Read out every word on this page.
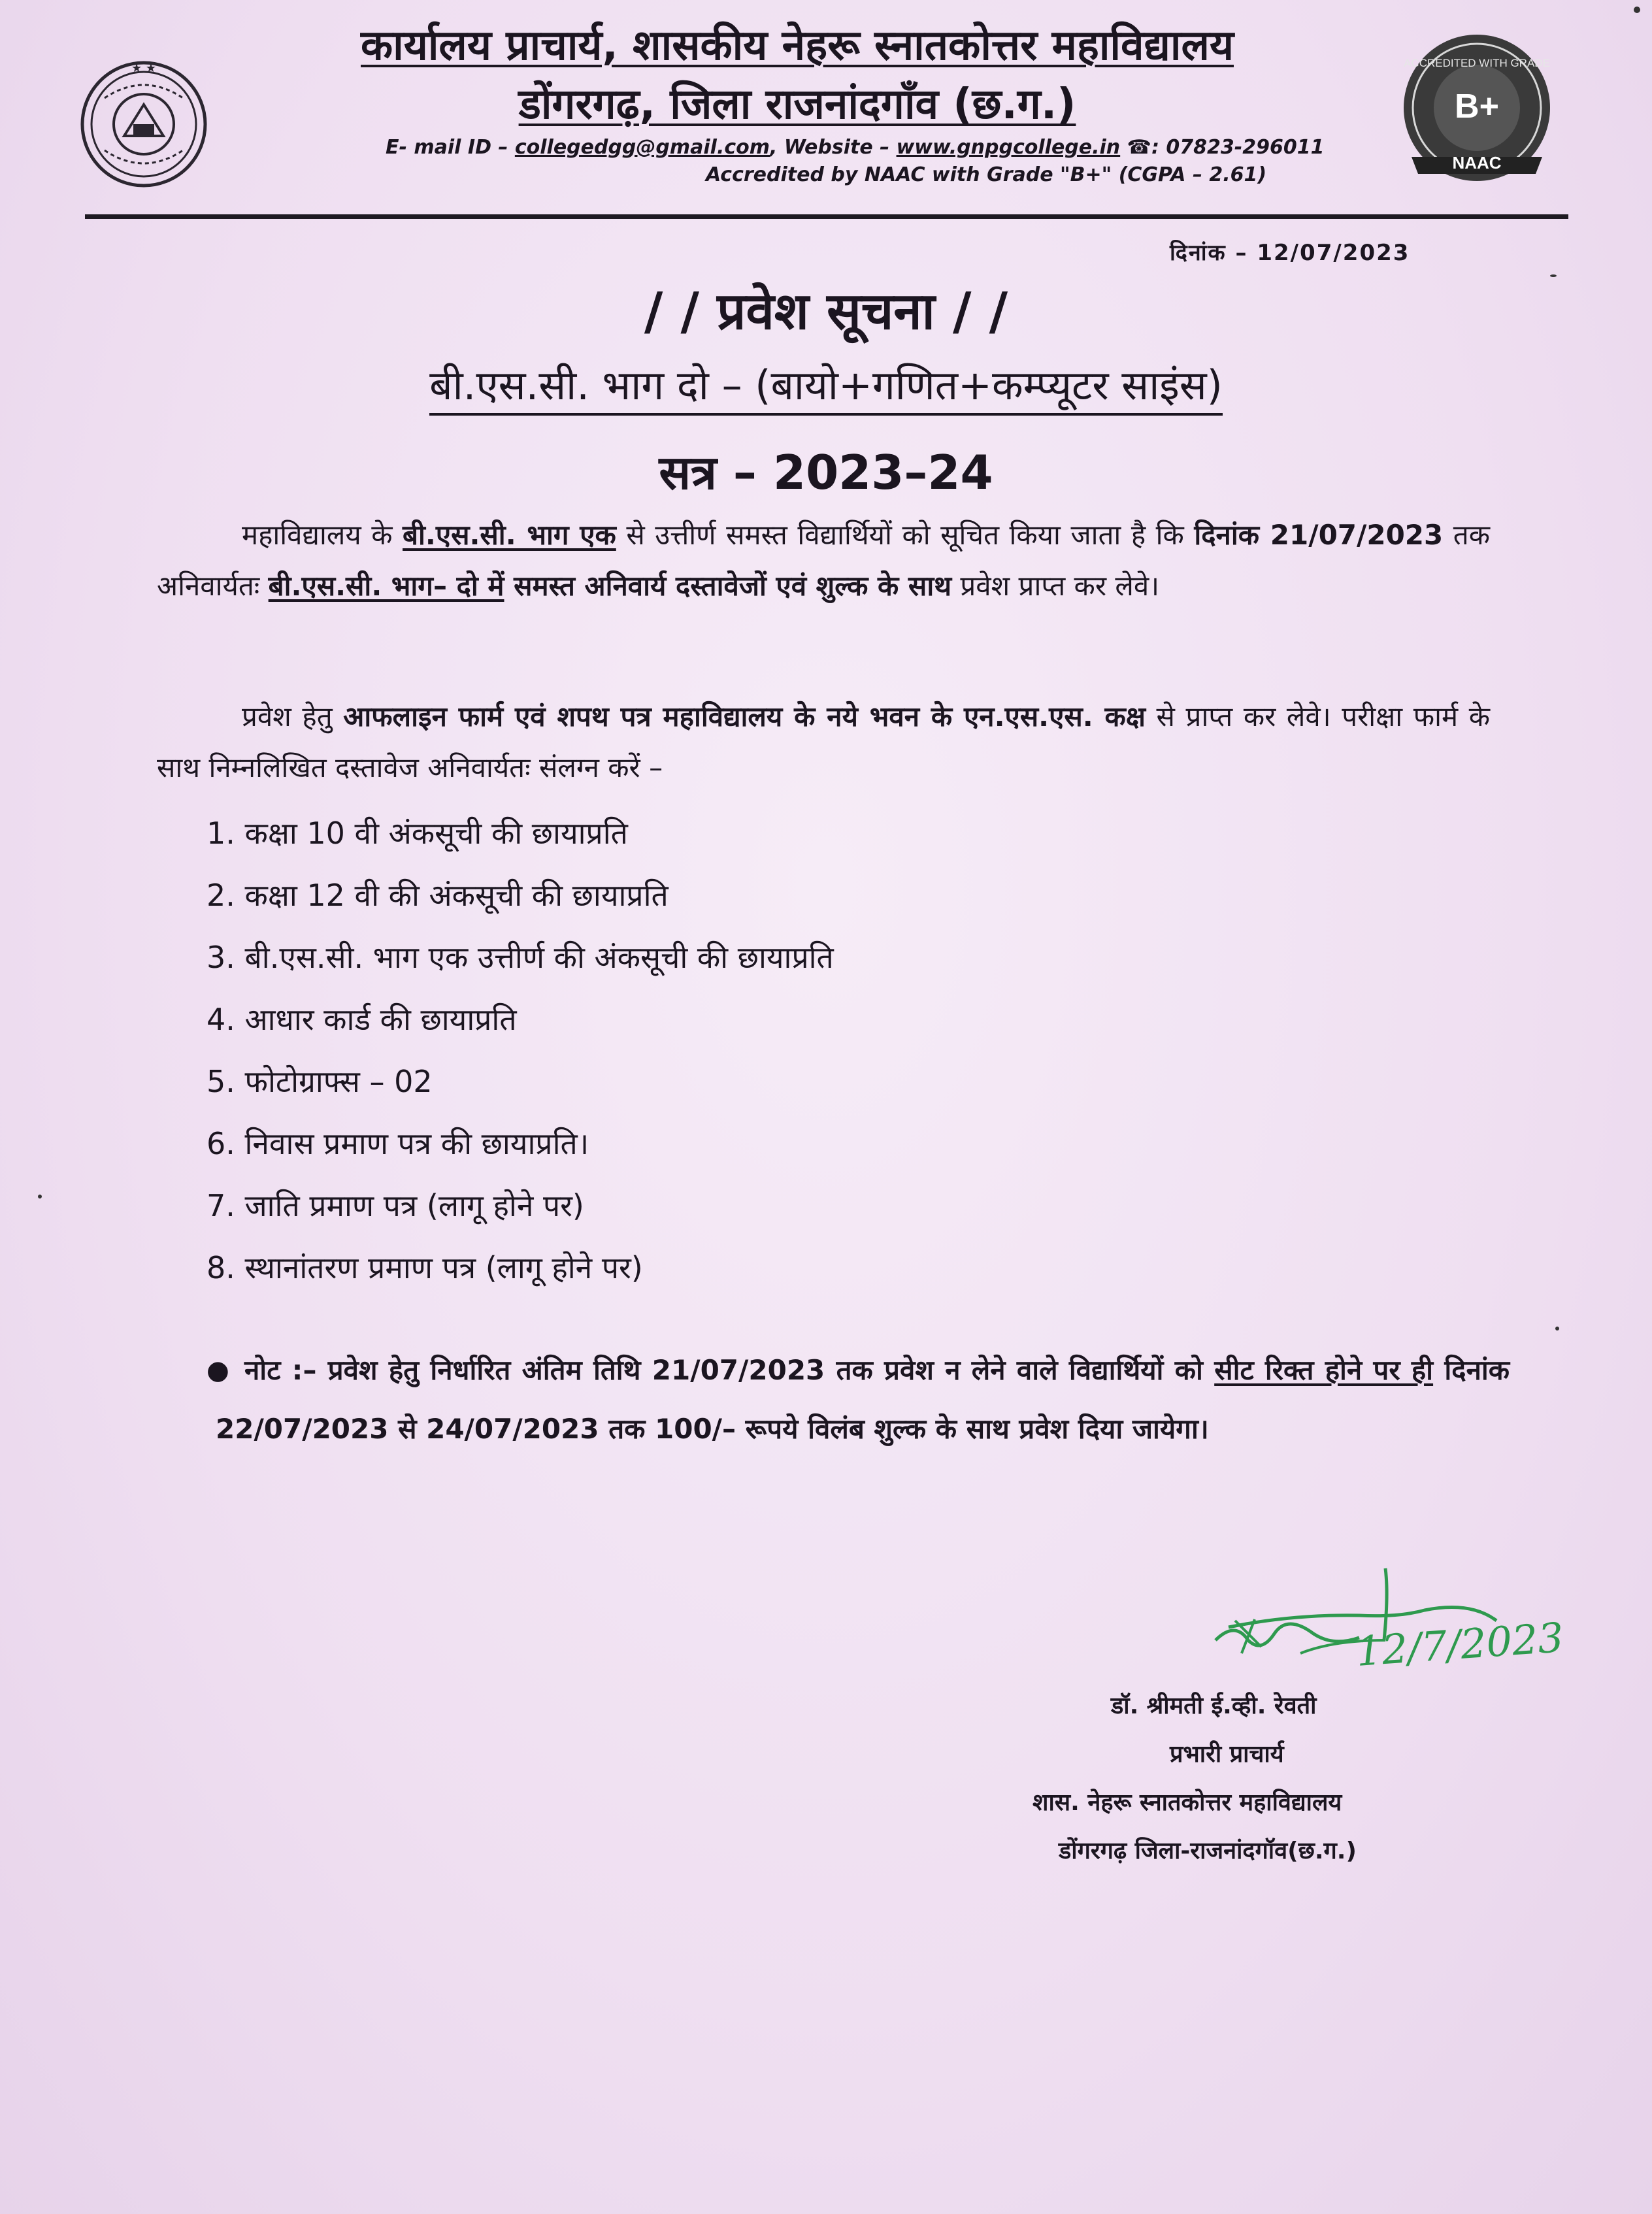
★ ★	ACCREDITED WITH GRADE
B+
NAAC
कार्यालय प्राचार्य, शासकीय नेहरू स्नातकोत्तर महाविद्यालय
डोंगरगढ़, जिला राजनांदगाँव (छ.ग.)
E- mail ID – collegedgg@gmail.com, Website – www.gnpgcollege.in ☎: 07823-296011
Accredited by NAAC with Grade "B+" (CGPA – 2.61)
दिनांक – 12/07/2023
/ / प्रवेश सूचना / /
बी.एस.सी. भाग दो – (बायो+गणित+कम्प्यूटर साइंस)
सत्र – 2023–24
महाविद्यालय के बी.एस.सी. भाग एक से उत्तीर्ण समस्त विद्यार्थियों को सूचित किया जाता है कि दिनांक 21/07/2023 तक अनिवार्यतः बी.एस.सी. भाग– दो में समस्त अनिवार्य दस्तावेजों एवं शुल्क के साथ प्रवेश प्राप्त कर लेवे।
प्रवेश हेतु आफलाइन फार्म एवं शपथ पत्र महाविद्यालय के नये भवन के एन.एस.एस. कक्ष से प्राप्त कर लेवे। परीक्षा फार्म के साथ निम्नलिखित दस्तावेज अनिवार्यतः संलग्न करें –
1. कक्षा 10 वी अंकसूची की छायाप्रति
2. कक्षा 12 वी की अंकसूची की छायाप्रति
3. बी.एस.सी. भाग एक उत्तीर्ण की अंकसूची की छायाप्रति
4. आधार कार्ड की छायाप्रति
5. फोटोग्राफ्स – 02
6. निवास प्रमाण पत्र की छायाप्रति।
7. जाति प्रमाण पत्र (लागू होने पर)
8. स्थानांतरण प्रमाण पत्र (लागू होने पर)
● नोट :– प्रवेश हेतु निर्धारित अंतिम तिथि 21/07/2023 तक प्रवेश न लेने वाले विद्यार्थियों को सीट रिक्त होने पर ही दिनांक 22/07/2023 से 24/07/2023 तक 100/– रूपये विलंब शुल्क के साथ प्रवेश दिया जायेगा।
12/7/2023
डॉ. श्रीमती ई.व्ही. रेवती
प्रभारी प्राचार्य
शास. नेहरू स्नातकोत्तर महाविद्यालय
डोंगरगढ़ जिला-राजनांदगॉव(छ.ग.)
